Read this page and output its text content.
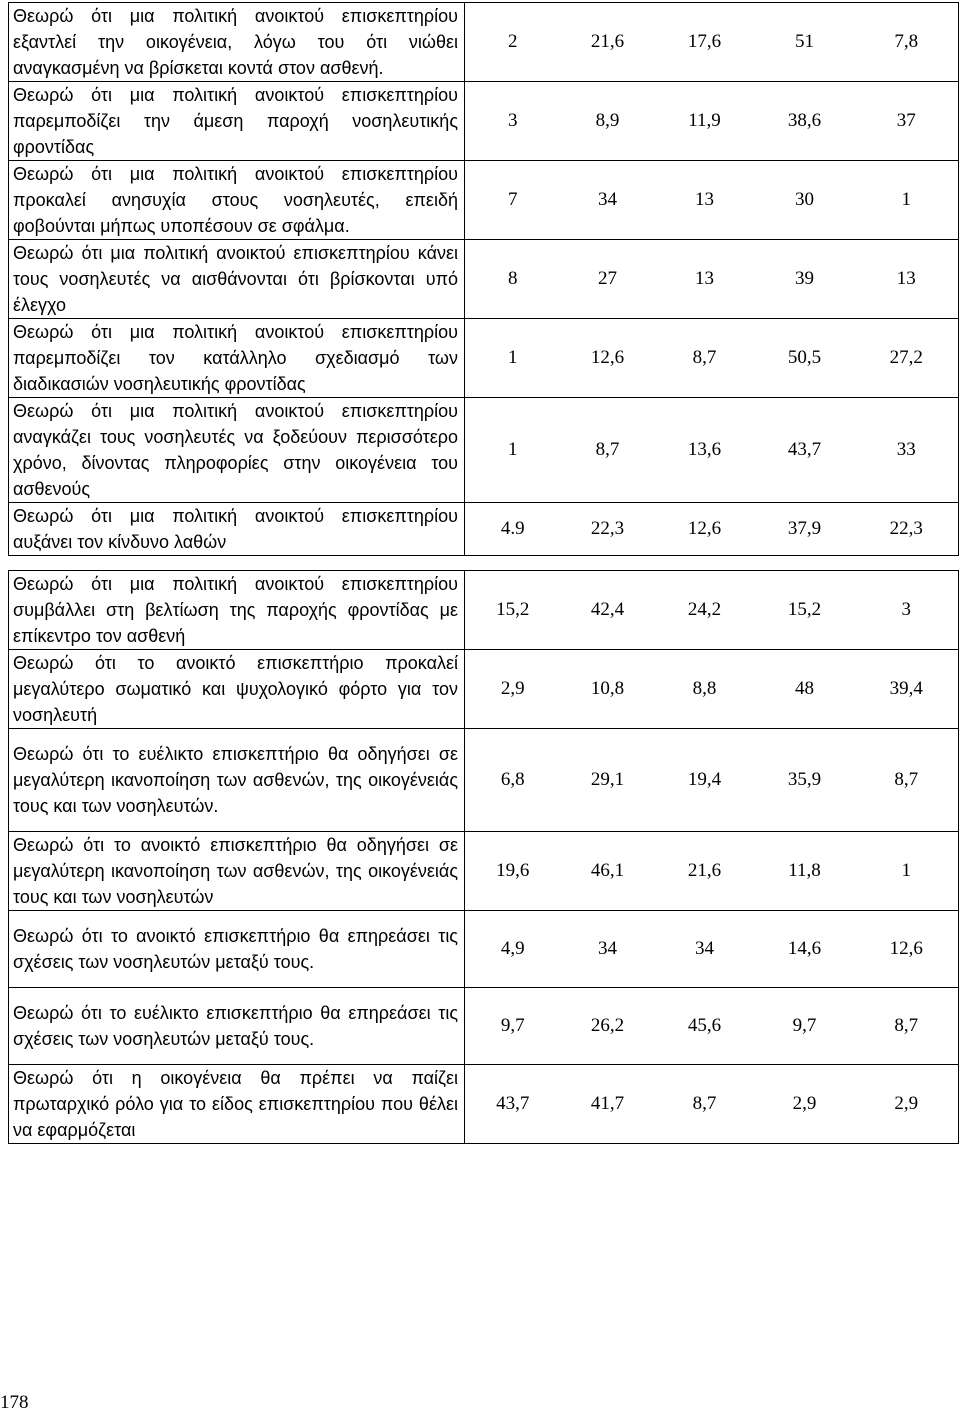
Θεωρώ ότι μια πολιτική ανοικτού επισκεπτηρίου εξαντλεί την οικογένεια, λόγω του ότι νιώθει αναγκασμένη να βρίσκεται κοντά στον ασθενή.	2	21,6	17,6	51	7,8
Θεωρώ ότι μια πολιτική ανοικτού επισκεπτηρίου παρεμποδίζει την άμεση παροχή νοσηλευτικής φροντίδας	3	8,9	11,9	38,6	37
Θεωρώ ότι μια πολιτική ανοικτού επισκεπτηρίου προκαλεί ανησυχία στους νοσηλευτές, επειδή φοβούνται μήπως υποπέσουν σε σφάλμα.	7	34	13	30	1
Θεωρώ ότι μια πολιτική ανοικτού επισκεπτηρίου κάνει τους νοσηλευτές να αισθάνονται ότι βρίσκονται υπό έλεγχο	8	27	13	39	13
Θεωρώ ότι μια πολιτική ανοικτού επισκεπτηρίου παρεμποδίζει τον κατάλληλο σχεδιασμό των διαδικασιών νοσηλευτικής φροντίδας	1	12,6	8,7	50,5	27,2
Θεωρώ ότι μια πολιτική ανοικτού επισκεπτηρίου αναγκάζει τους νοσηλευτές να ξοδεύουν περισσότερο χρόνο, δίνοντας πληροφορίες στην οικογένεια του ασθενούς	1	8,7	13,6	43,7	33
Θεωρώ ότι μια πολιτική ανοικτού επισκεπτηρίου αυξάνει τον κίνδυνο λαθών	4.9	22,3	12,6	37,9	22,3

Θεωρώ ότι μια πολιτική ανοικτού επισκεπτηρίου συμβάλλει στη βελτίωση της παροχής φροντίδας με επίκεντρο τον ασθενή	15,2	42,4	24,2	15,2	3
Θεωρώ ότι το ανοικτό επισκεπτήριο προκαλεί μεγαλύτερο σωματικό και ψυχολογικό φόρτο για τον νοσηλευτή	2,9	10,8	8,8	48	39,4
Θεωρώ ότι το ευέλικτο επισκεπτήριο θα οδηγήσει σε μεγαλύτερη ικανοποίηση των ασθενών, της οικογένειάς τους και των νοσηλευτών.	6,8	29,1	19,4	35,9	8,7
Θεωρώ ότι το ανοικτό επισκεπτήριο θα οδηγήσει σε μεγαλύτερη ικανοποίηση των ασθενών, της οικογένειάς τους και των νοσηλευτών	19,6	46,1	21,6	11,8	1
Θεωρώ ότι το ανοικτό επισκεπτήριο θα επηρεάσει τις σχέσεις των νοσηλευτών μεταξύ τους.	4,9	34	34	14,6	12,6
Θεωρώ ότι το ευέλικτο επισκεπτήριο θα επηρεάσει τις σχέσεις των νοσηλευτών μεταξύ τους.	9,7	26,2	45,6	9,7	8,7
Θεωρώ ότι η οικογένεια θα πρέπει να παίζει πρωταρχικό ρόλο για το είδος επισκεπτηρίου που θέλει να εφαρμόζεται	43,7	41,7	8,7	2,9	2,9
178
